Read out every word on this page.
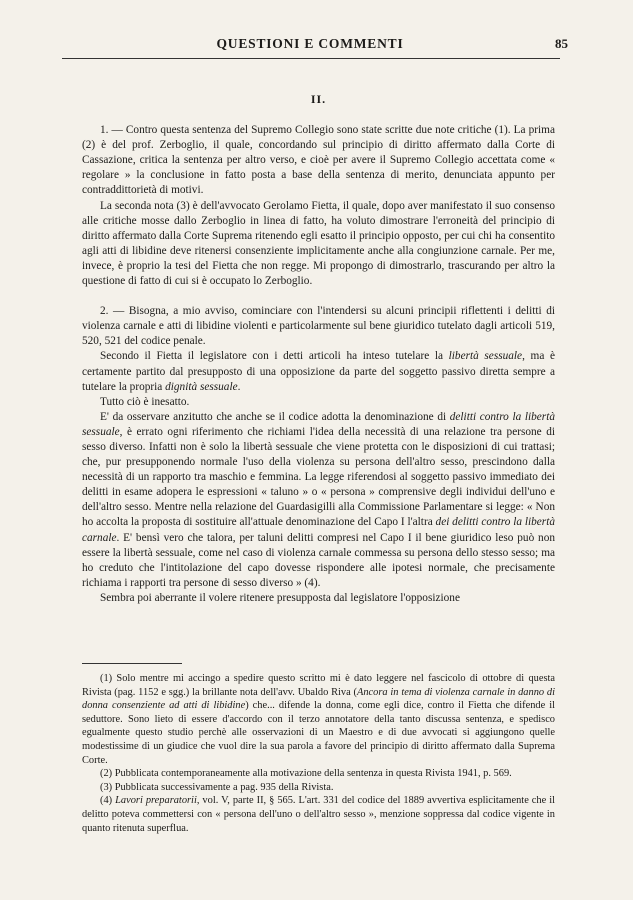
QUESTIONI E COMMENTI	85
II.

1. — Contro questa sentenza del Supremo Collegio sono state scritte due note critiche (1). La prima (2) è del prof. Zerboglio, il quale, concordando sul principio di diritto affermato dalla Corte di Cassazione, critica la sentenza per altro verso, e cioè per avere il Supremo Collegio accettata come « regolare » la conclusione in fatto posta a base della sentenza di merito, denunciata appunto per contraddittorietà di motivi.

La seconda nota (3) è dell'avvocato Gerolamo Fietta, il quale, dopo aver manifestato il suo consenso alle critiche mosse dallo Zerboglio in linea di fatto, ha voluto dimostrare l'erroneità del principio di diritto affermato dalla Corte Suprema ritenendo egli esatto il principio opposto, per cui chi ha consentito agli atti di libidine deve ritenersi consenziente implicitamente anche alla congiunzione carnale. Per me, invece, è proprio la tesi del Fietta che non regge. Mi propongo di dimostrarlo, trascurando per altro la questione di fatto di cui si è occupato lo Zerboglio.

2. — Bisogna, a mio avviso, cominciare con l'intendersi su alcuni principii riflettenti i delitti di violenza carnale e atti di libidine violenti e particolarmente sul bene giuridico tutelato dagli articoli 519, 520, 521 del codice penale.

Secondo il Fietta il legislatore con i detti articoli ha inteso tutelare la libertà sessuale, ma è certamente partito dal presupposto di una opposizione da parte del soggetto passivo diretta sempre a tutelare la propria dignità sessuale.

Tutto ciò è inesatto.

E' da osservare anzitutto che anche se il codice adotta la denominazione di delitti contro la libertà sessuale, è errato ogni riferimento che richiami l'idea della necessità di una relazione tra persone di sesso diverso. Infatti non è solo la libertà sessuale che viene protetta con le disposizioni di cui trattasi; che, pur presupponendo normale l'uso della violenza su persona dell'altro sesso, prescindono dalla necessità di un rapporto tra maschio e femmina. La legge riferendosi al soggetto passivo immediato dei delitti in esame adopera le espressioni « taluno » o « persona » comprensive degli individui dell'uno e dell'altro sesso. Mentre nella relazione del Guardasigilli alla Commissione Parlamentare si legge: « Non ho accolta la proposta di sostituire all'attuale denominazione del Capo I l'altra dei delitti contro la libertà carnale. E' bensì vero che talora, per taluni delitti compresi nel Capo I il bene giuridico leso può non essere la libertà sessuale, come nel caso di violenza carnale commessa su persona dello stesso sesso; ma ho creduto che l'intitolazione del capo dovesse rispondere alle ipotesi normale, che precisamente richiama i rapporti tra persone di sesso diverso » (4).

Sembra poi aberrante il volere ritenere presupposta dal legislatore l'opposizione

(1) Solo mentre mi accingo a spedire questo scritto mi è dato leggere nel fascicolo di ottobre di questa Rivista (pag. 1152 e sgg.) la brillante nota dell'avv. Ubaldo Riva (Ancora in tema di violenza carnale in danno di donna consenziente ad atti di libidine) che... difende la donna, come egli dice, contro il Fietta che difende il seduttore. Sono lieto di essere d'accordo con il terzo annotatore della tanto discussa sentenza, e spedisco egualmente questo studio perchè alle osservazioni di un Maestro e di due avvocati si aggiungono quelle modestissime di un giudice che vuol dire la sua parola a favore del principio di diritto affermato dalla Suprema Corte.

(2) Pubblicata contemporaneamente alla motivazione della sentenza in questa Rivista 1941, p. 569.

(3) Pubblicata successivamente a pag. 935 della Rivista.

(4) Lavori preparatorii, vol. V, parte II, § 565. L'art. 331 del codice del 1889 avvertiva esplicitamente che il delitto poteva commettersi con « persona dell'uno o dell'altro sesso », menzione soppressa dal codice vigente in quanto ritenuta superflua.
